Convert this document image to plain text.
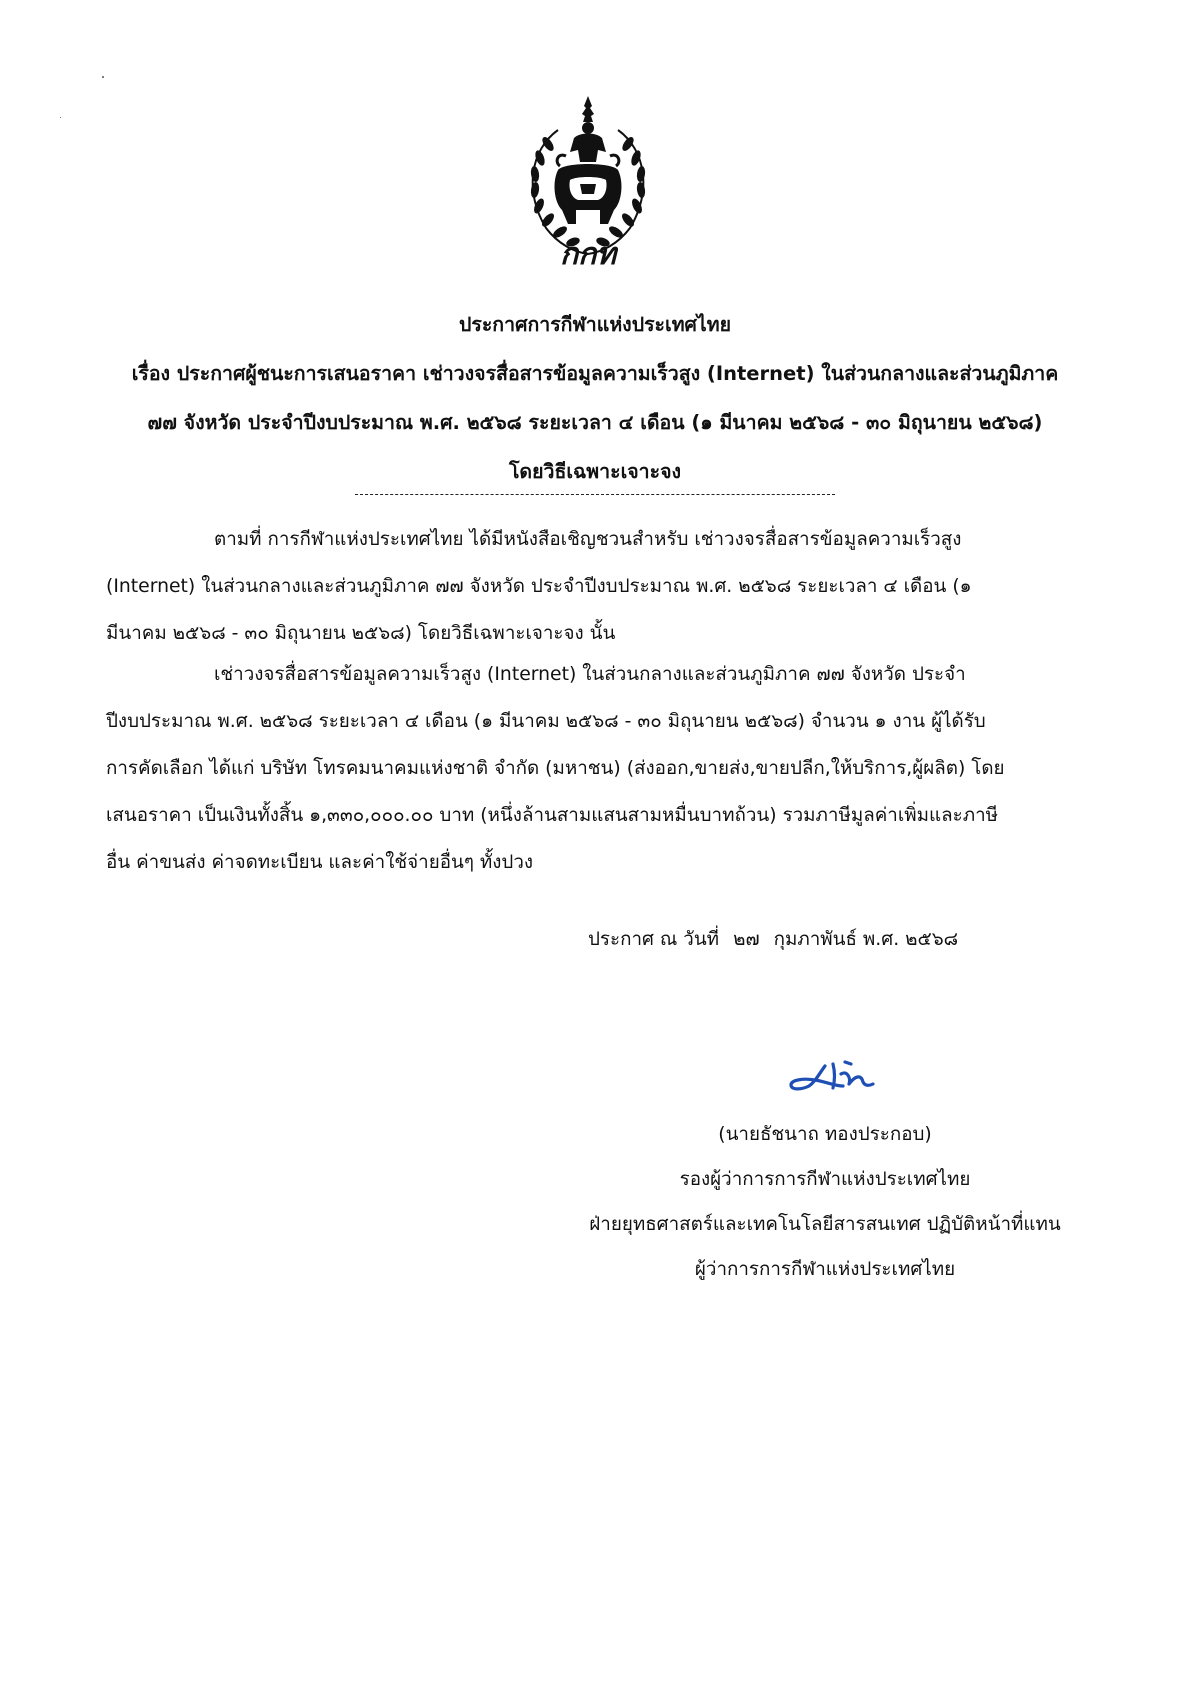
กกท
ประกาศการกีฬาแห่งประเทศไทย
เรื่อง ประกาศผู้ชนะการเสนอราคา เช่าวงจรสื่อสารข้อมูลความเร็วสูง (Internet) ในส่วนกลางและส่วนภูมิภาค
๗๗ จังหวัด ประจำปีงบประมาณ พ.ศ. ๒๕๖๘ ระยะเวลา ๔ เดือน (๑ มีนาคม ๒๕๖๘ - ๓๐ มิถุนายน ๒๕๖๘)
โดยวิธีเฉพาะเจาะจง
ตามที่ การกีฬาแห่งประเทศไทย ได้มีหนังสือเชิญชวนสำหรับ เช่าวงจรสื่อสารข้อมูลความเร็วสูง
(Internet) ในส่วนกลางและส่วนภูมิภาค ๗๗ จังหวัด ประจำปีงบประมาณ พ.ศ. ๒๕๖๘ ระยะเวลา ๔ เดือน (๑
มีนาคม ๒๕๖๘ - ๓๐ มิถุนายน ๒๕๖๘) โดยวิธีเฉพาะเจาะจง นั้น
เช่าวงจรสื่อสารข้อมูลความเร็วสูง (Internet) ในส่วนกลางและส่วนภูมิภาค ๗๗ จังหวัด ประจำ
ปีงบประมาณ พ.ศ. ๒๕๖๘ ระยะเวลา ๔ เดือน (๑ มีนาคม ๒๕๖๘ - ๓๐ มิถุนายน ๒๕๖๘) จำนวน ๑ งาน ผู้ได้รับ
การคัดเลือก ได้แก่ บริษัท โทรคมนาคมแห่งชาติ จำกัด (มหาชน) (ส่งออก,ขายส่ง,ขายปลีก,ให้บริการ,ผู้ผลิต) โดย
เสนอราคา เป็นเงินทั้งสิ้น ๑,๓๓๐,๐๐๐.๐๐ บาท (หนึ่งล้านสามแสนสามหมื่นบาทถ้วน) รวมภาษีมูลค่าเพิ่มและภาษี
อื่น ค่าขนส่ง ค่าจดทะเบียน และค่าใช้จ่ายอื่นๆ ทั้งปวง
ประกาศ ณ วันที่ ๒๗ กุมภาพันธ์ พ.ศ. ๒๕๖๘
(นายธัชนาถ ทองประกอบ)
รองผู้ว่าการการกีฬาแห่งประเทศไทย
ฝ่ายยุทธศาสตร์และเทคโนโลยีสารสนเทศ ปฏิบัติหน้าที่แทน
ผู้ว่าการการกีฬาแห่งประเทศไทย
